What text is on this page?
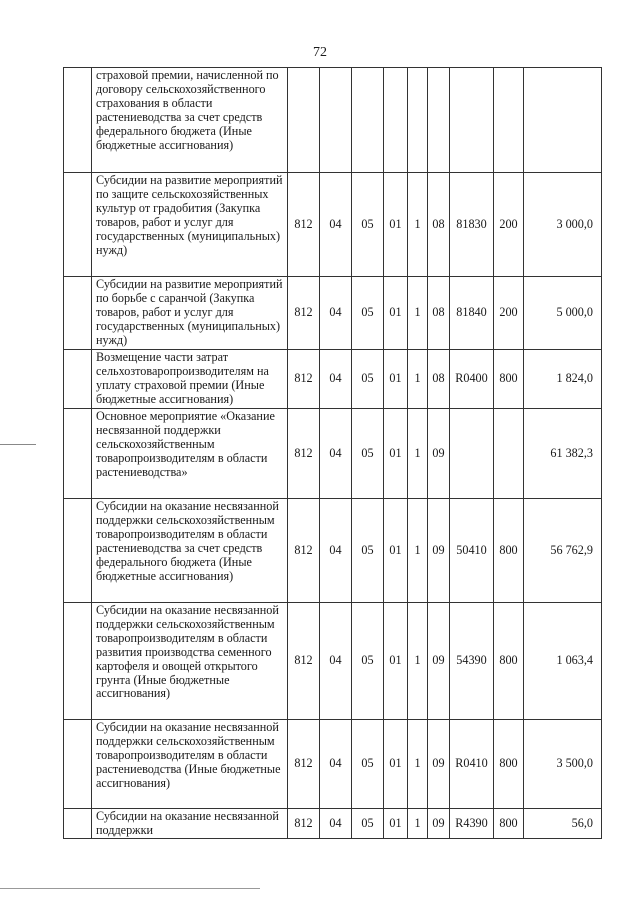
72
	страховой премии, начисленной по договору сельскохозяйственного страхования в области растениеводства за счет средств федерального бюджета (Иные бюджетные ассигнования)									
	Субсидии на развитие мероприятий по защите сельскохозяйственных культур от градобития (Закупка товаров, работ и услуг для государственных (муниципальных) нужд)	812	04	05	01	1	08	81830	200	3 000,0
	Субсидии на развитие мероприятий по борьбе с саранчой (Закупка товаров, работ и услуг для государственных (муниципальных) нужд)	812	04	05	01	1	08	81840	200	5 000,0
	Возмещение части затрат сельхозтоваропроизводителям на уплату страховой премии (Иные бюджетные ассигнования)	812	04	05	01	1	08	R0400	800	1 824,0
	Основное мероприятие «Оказание несвязанной поддержки сельскохозяйственным товаропроизводителям в области растениеводства»	812	04	05	01	1	09			61 382,3
	Субсидии на оказание несвязанной поддержки сельскохозяйственным товаропроизводителям в области растениеводства за счет средств федерального бюджета (Иные бюджетные ассигнования)	812	04	05	01	1	09	50410	800	56 762,9
	Субсидии на оказание несвязанной поддержки сельскохозяйственным товаропроизводителям в области развития производства семенного картофеля и овощей открытого грунта (Иные бюджетные ассигнования)	812	04	05	01	1	09	54390	800	1 063,4
	Субсидии на оказание несвязанной поддержки сельскохозяйственным товаропроизводителям в области растениеводства (Иные бюджетные ассигнования)	812	04	05	01	1	09	R0410	800	3 500,0
	Субсидии на оказание несвязанной поддержки	812	04	05	01	1	09	R4390	800	56,0
